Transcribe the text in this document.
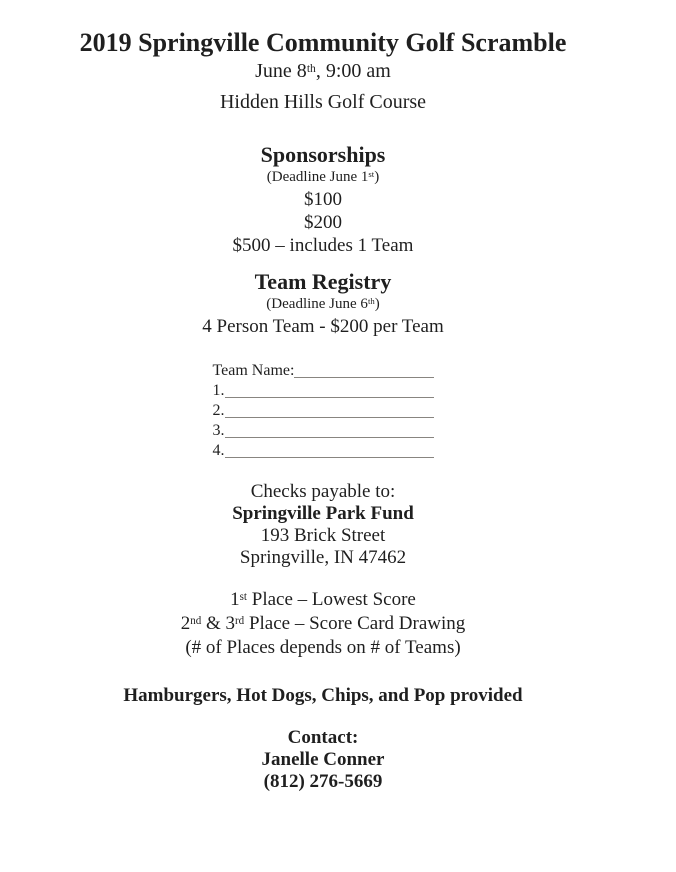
2019 Springville Community Golf Scramble
June 8th, 9:00 am
Hidden Hills Golf Course
Sponsorships
(Deadline June 1st)
$100
$200
$500 – includes 1 Team
Team Registry
(Deadline June 6th)
4 Person Team - $200 per Team
Team Name:
1.
2.
3.
4.
Checks payable to:
Springville Park Fund
193 Brick Street
Springville, IN 47462
1st Place – Lowest Score
2nd & 3rd Place – Score Card Drawing
(# of Places depends on # of Teams)
Hamburgers, Hot Dogs, Chips, and Pop provided
Contact:
Janelle Conner
(812) 276-5669
